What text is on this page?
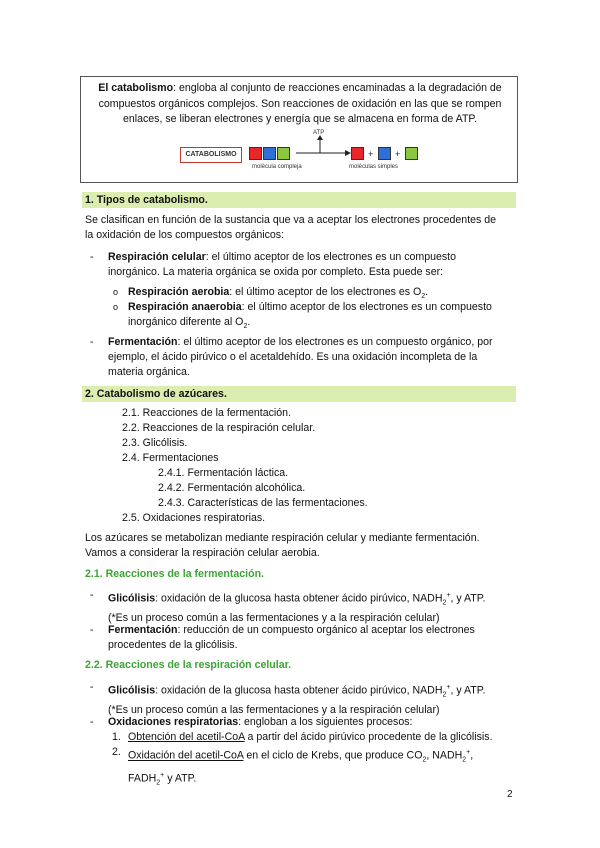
El catabolismo: engloba al conjunto de reacciones encaminadas a la degradación de
compuestos orgánicos complejos. Son reacciones de oxidación en las que se rompen
enlaces, se liberan electrones y energía que se almacena en forma de ATP.
CATABOLISMO
molécula compleja
ATP
+ +
moléculas simples
1. Tipos de catabolismo.
Se clasifican en función de la sustancia que va a aceptar los electrones procedentes de
la oxidación de los compuestos orgánicos:
- Respiración celular: el último aceptor de los electrones es un compuesto
inorgánico. La materia orgánica se oxida por completo. Esta puede ser:
o Respiración aerobia: el último aceptor de los electrones es $O_2$.
o Respiración anaerobia: el último aceptor de los electrones es un compuesto
inorgánico diferente al $O_2$.
- Fermentación: el último aceptor de los electrones es un compuesto orgánico, por
ejemplo, el ácido pirúvico o el acetaldehído. Es una oxidación incompleta de la
materia orgánica.
2. Catabolismo de azúcares.
2.1. Reacciones de la fermentación.
2.2. Reacciones de la respiración celular.
2.3. Glicólisis.
2.4. Fermentaciones
2.4.1. Fermentación láctica.
2.4.2. Fermentación alcohólica.
2.4.3. Características de las fermentaciones.
2.5. Oxidaciones respiratorias.
Los azúcares se metabolizan mediante respiración celular y mediante fermentación.
Vamos a considerar la respiración celular aerobia.
2.1. Reacciones de la fermentación.
- Glicólisis: oxidación de la glucosa hasta obtener ácido pirúvico, $NADH_2^+$, y ATP.
(*Es un proceso común a las fermentaciones y a la respiración celular)
- Fermentación: reducción de un compuesto orgánico al aceptar los electrones
procedentes de la glicólisis.
2.2. Reacciones de la respiración celular.
- Glicólisis: oxidación de la glucosa hasta obtener ácido pirúvico, $NADH_2^+$, y ATP.
(*Es un proceso común a las fermentaciones y a la respiración celular)
- Oxidaciones respiratorias: engloban a los siguientes procesos:
1. Obtención del acetil-CoA a partir del ácido pirúvico procedente de la glicólisis.
2. Oxidación del acetil-CoA en el ciclo de Krebs, que produce $CO_2$, $NADH_2^+$,
$FADH_2^+$ y ATP.
2
